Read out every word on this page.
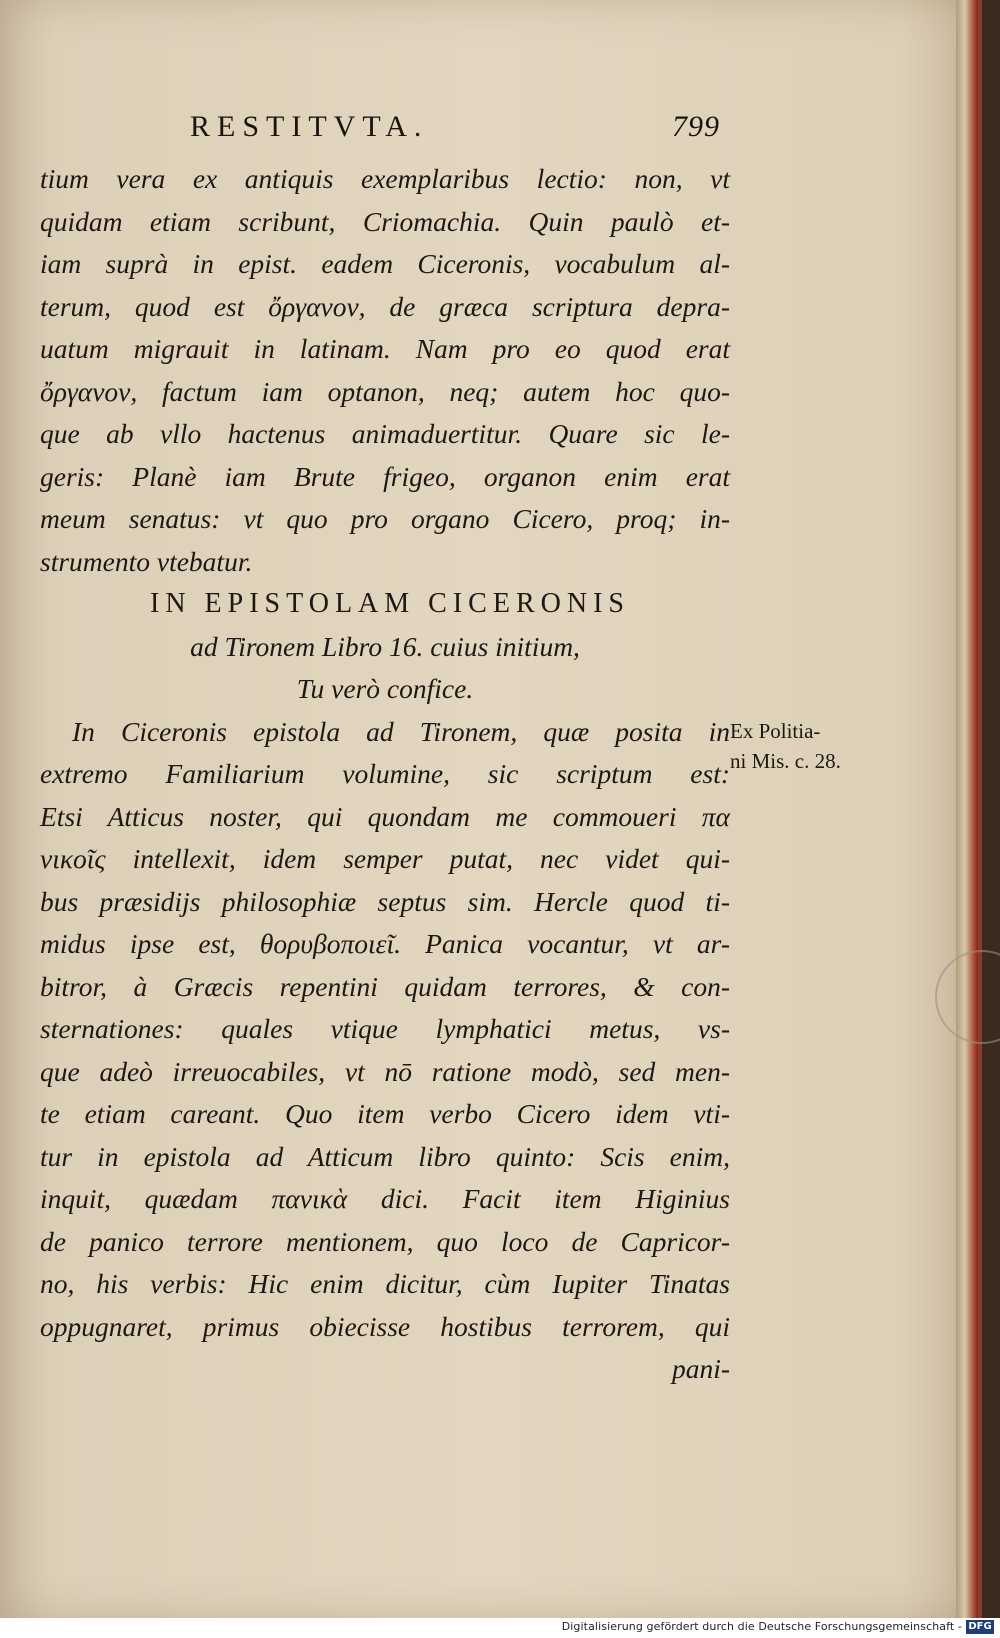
RESTITVTA.	799
tium vera ex antiquis exemplaribus lectio: non, vt
quidam etiam scribunt, Criomachia. Quin paulò et-
iam suprà in epist. eadem Ciceronis, vocabulum al-
terum, quod est ὄργανον, de græca scriptura depra-
uatum migrauit in latinam. Nam pro eo quod erat
ὄργανον, factum iam optanon, neq; autem hoc quo-
que ab vllo hactenus animaduertitur. Quare sic le-
geris: Planè iam Brute frigeo, organon enim erat
meum senatus: vt quo pro organo Cicero, proq; in-
strumento vtebatur.
IN EPISTOLAM CICERONIS
ad Tironem Libro 16. cuius initium,
Tu verò confice.
In Ciceronis epistola ad Tironem, quæ posita in
extremo Familiarium volumine, sic scriptum est:
Etsi Atticus noster, qui quondam me commoueri πα
νικοῖς intellexit, idem semper putat, nec videt qui-
bus præsidijs philosophiæ septus sim. Hercle quod ti-
midus ipse est, θορυβοποιεῖ. Panica vocantur, vt ar-
bitror, à Græcis repentini quidam terrores, & con-
sternationes: quales vtique lymphatici metus, vs-
que adeò irreuocabiles, vt nō ratione modò, sed men-
te etiam careant. Quo item verbo Cicero idem vti-
tur in epistola ad Atticum libro quinto: Scis enim,
inquit, quædam πανικὰ dici. Facit item Higinius
de panico terrore mentionem, quo loco de Capricor-
no, his verbis: Hic enim dicitur, cùm Iupiter Tinatas
oppugnaret, primus obiecisse hostibus terrorem, qui
pani-
Ex Politia-
ni Mis. c. 28.
Digitalisierung gefördert durch die Deutsche Forschungsgemeinschaft - DFG
